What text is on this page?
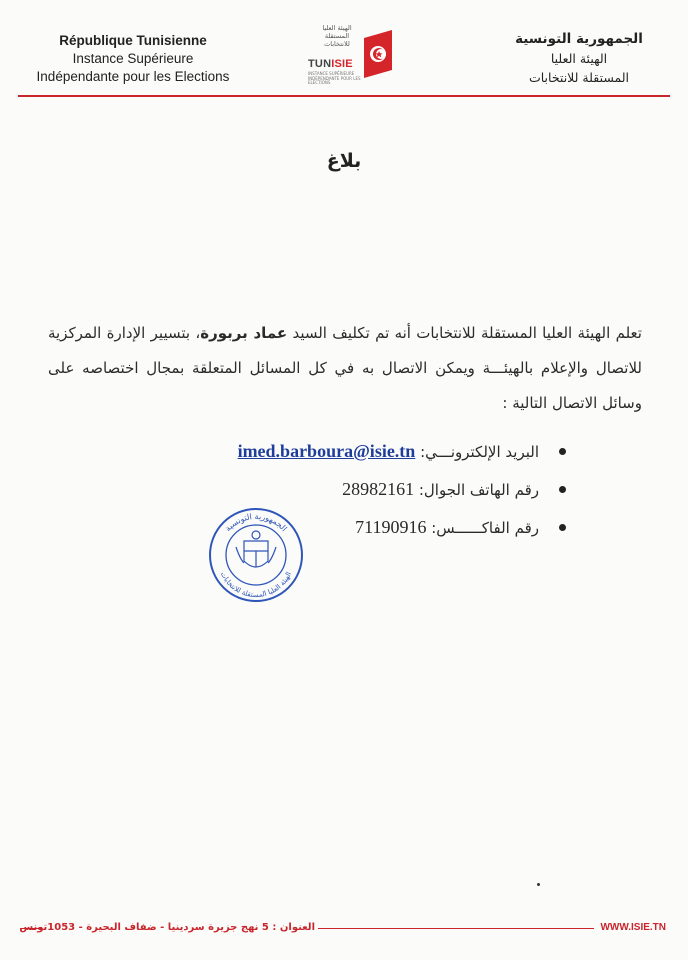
République Tunisienne
Instance Supérieure
Indépendante pour les Elections
الهيئة العليا المستقلة للانتخابات
TUNISIE
INSTANCE SUPÉRIEURE INDÉPENDANTE POUR LES ELECTIONS
الجمهورية التونسية
الهيئة العليا
المستقلة للانتخابات
بلاغ
تعلم الهيئة العليا المستقلة للانتخابات أنه تم تكليف السيد عماد بربورة، بتسيير الإدارة المركزية للاتصال والإعلام بالهيئـــة ويمكن الاتصال به في كل المسائل المتعلقة بمجال اختصاصه على وسائل الاتصال التالية :
البريد الإلكترونـــي: imed.barboura@isie.tn
رقم الهاتف الجوال: 28982161
رقم الفاكــــــس: 71190916
الجمهورية التونسية
الهيئة العليا المستقلة للانتخابات
العنوان : 5 نهج جزيرة سردينيا - ضفاف البحيرة - 1053تونس	WWW.ISIE.TN
